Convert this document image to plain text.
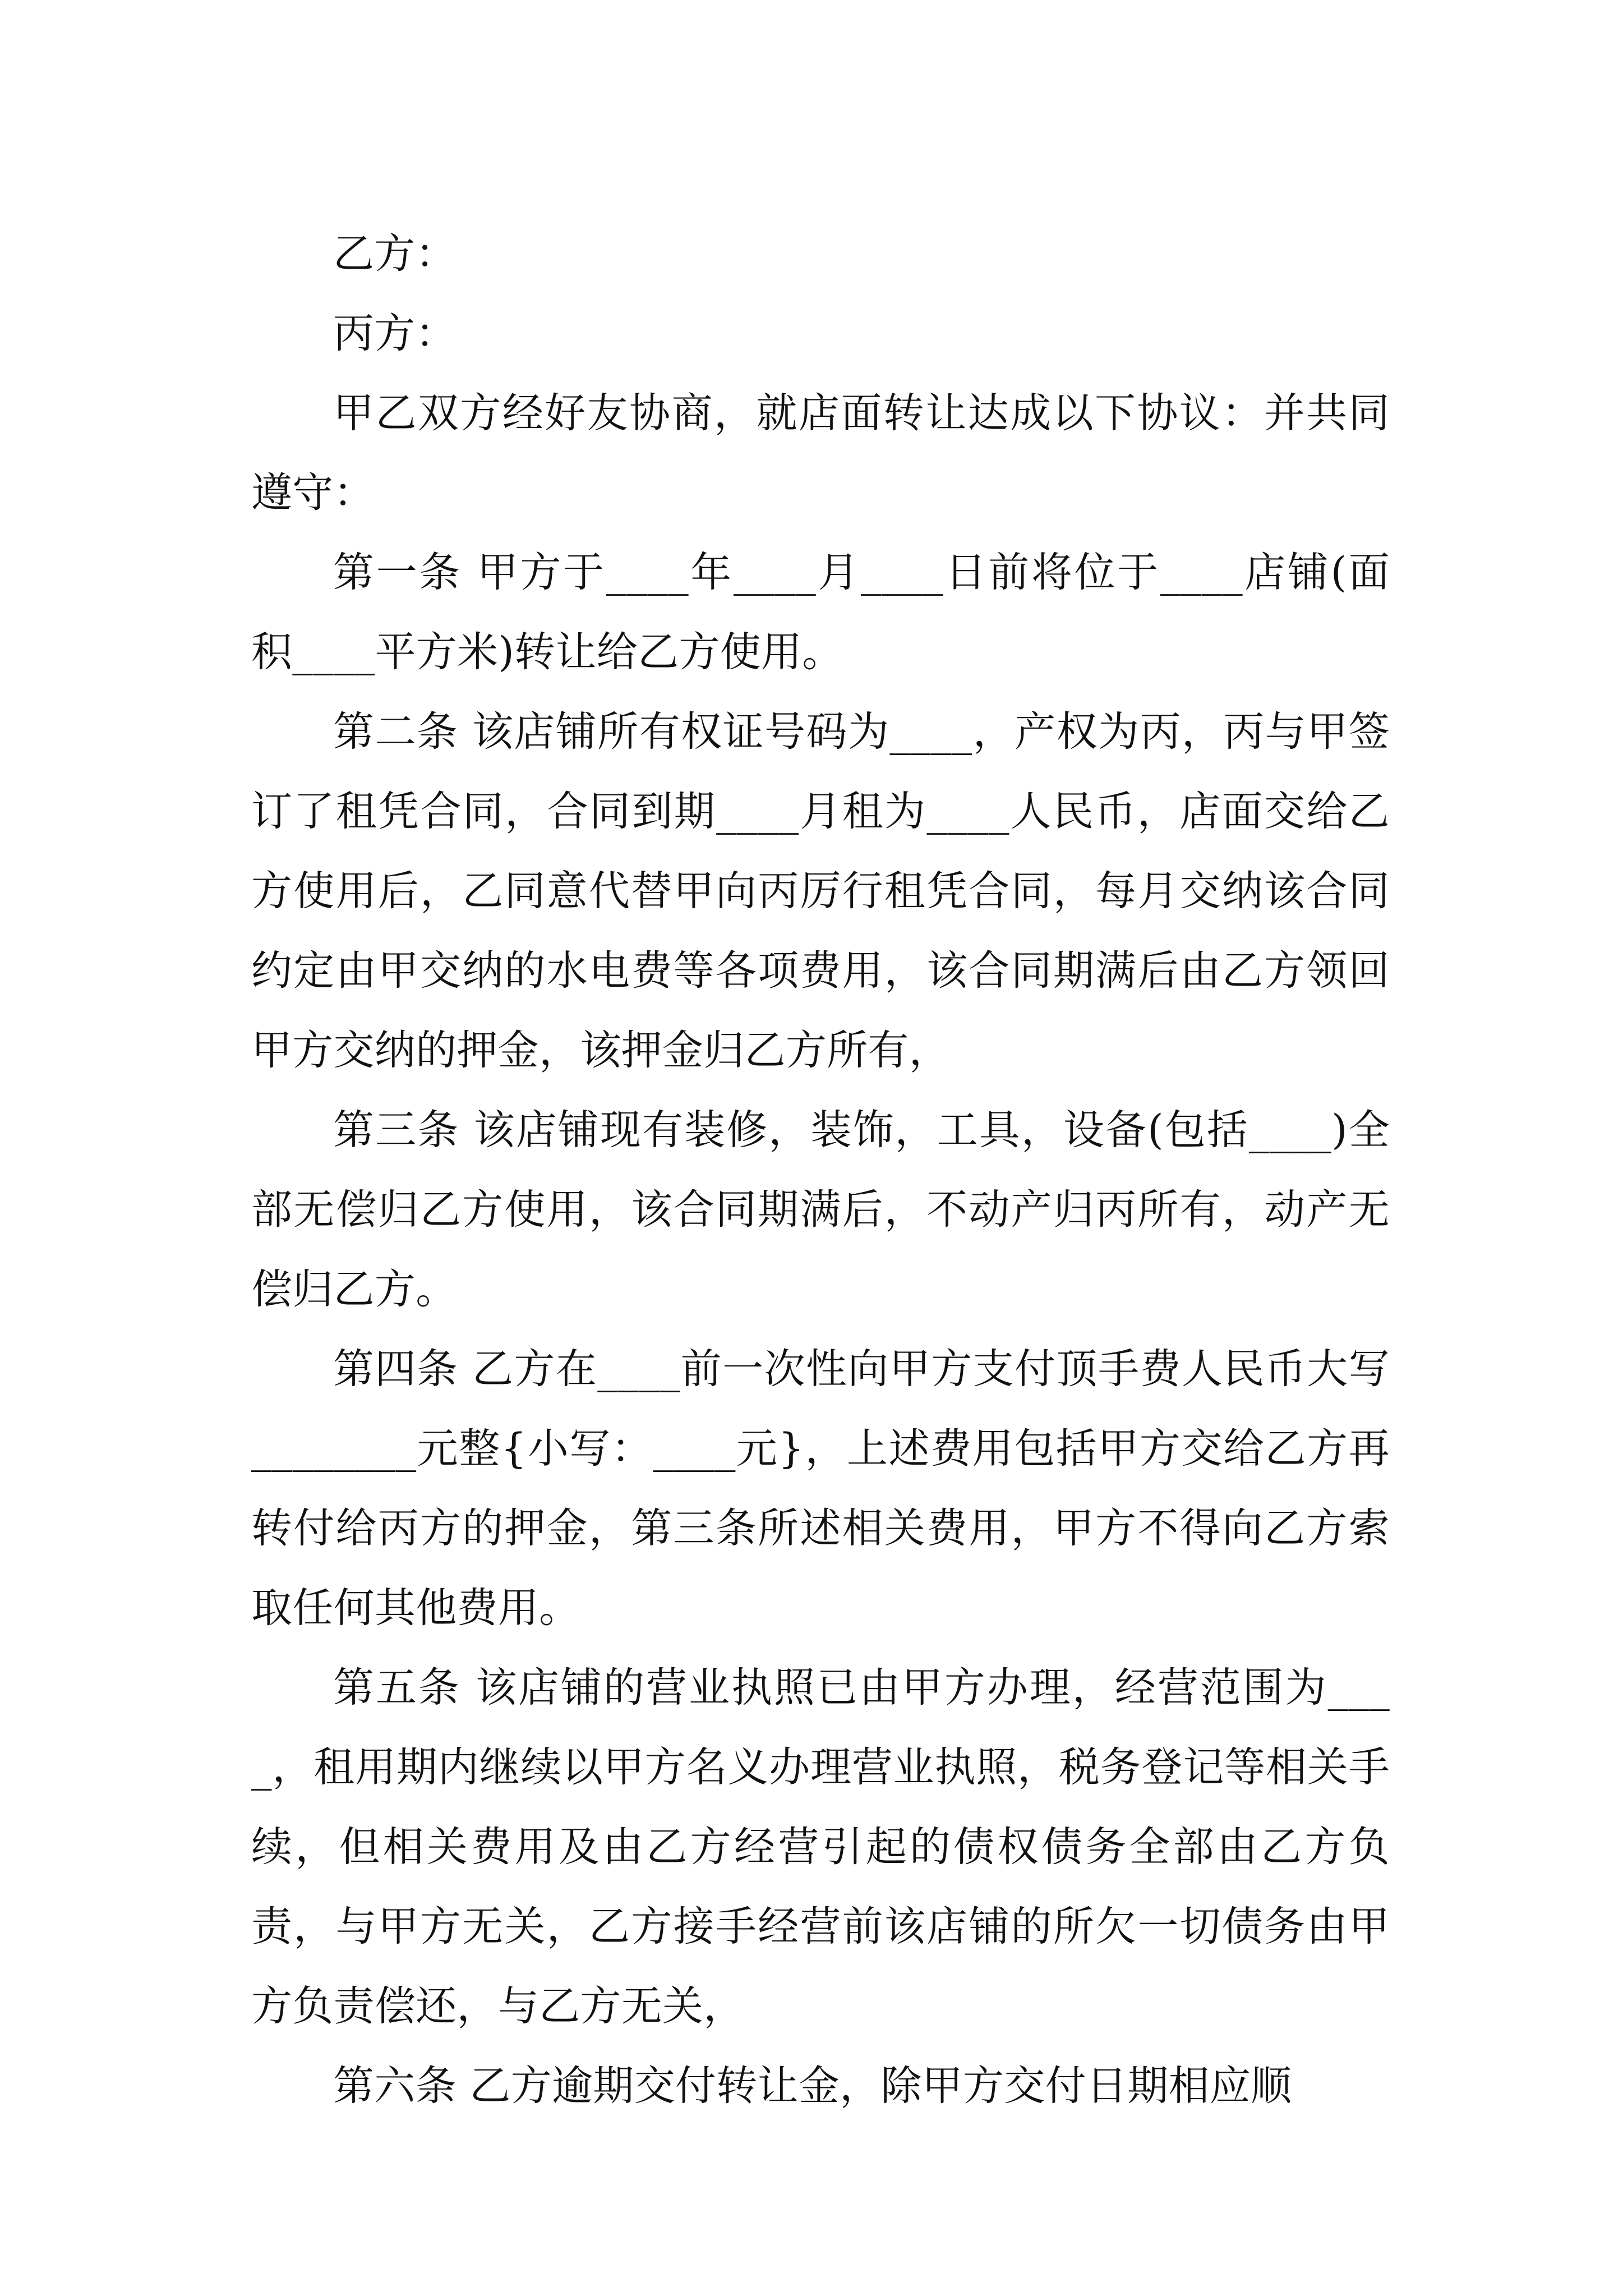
乙方：

丙方：

甲乙双方经好友协商，就店面转让达成以下协议：并共同遵守：

第一条 甲方于____年____月____日前将位于____店铺(面积____平方米)转让给乙方使用。

第二条 该店铺所有权证号码为____，产权为丙，丙与甲签订了租凭合同，合同到期____月租为____人民币，店面交给乙方使用后，乙同意代替甲向丙厉行租凭合同，每月交纳该合同约定由甲交纳的水电费等各项费用，该合同期满后由乙方领回甲方交纳的押金，该押金归乙方所有，

第三条 该店铺现有装修，装饰，工具，设备(包括____)全部无偿归乙方使用，该合同期满后，不动产归丙所有，动产无偿归乙方。

第四条 乙方在____前一次性向甲方支付顶手费人民币大写________元整{小写：____元}，上述费用包括甲方交给乙方再转付给丙方的押金，第三条所述相关费用，甲方不得向乙方索取任何其他费用。

第五条 该店铺的营业执照已由甲方办理，经营范围为____，租用期内继续以甲方名义办理营业执照，税务登记等相关手续，但相关费用及由乙方经营引起的债权债务全部由乙方负责，与甲方无关，乙方接手经营前该店铺的所欠一切债务由甲方负责偿还，与乙方无关，

第六条 乙方逾期交付转让金，除甲方交付日期相应顺
